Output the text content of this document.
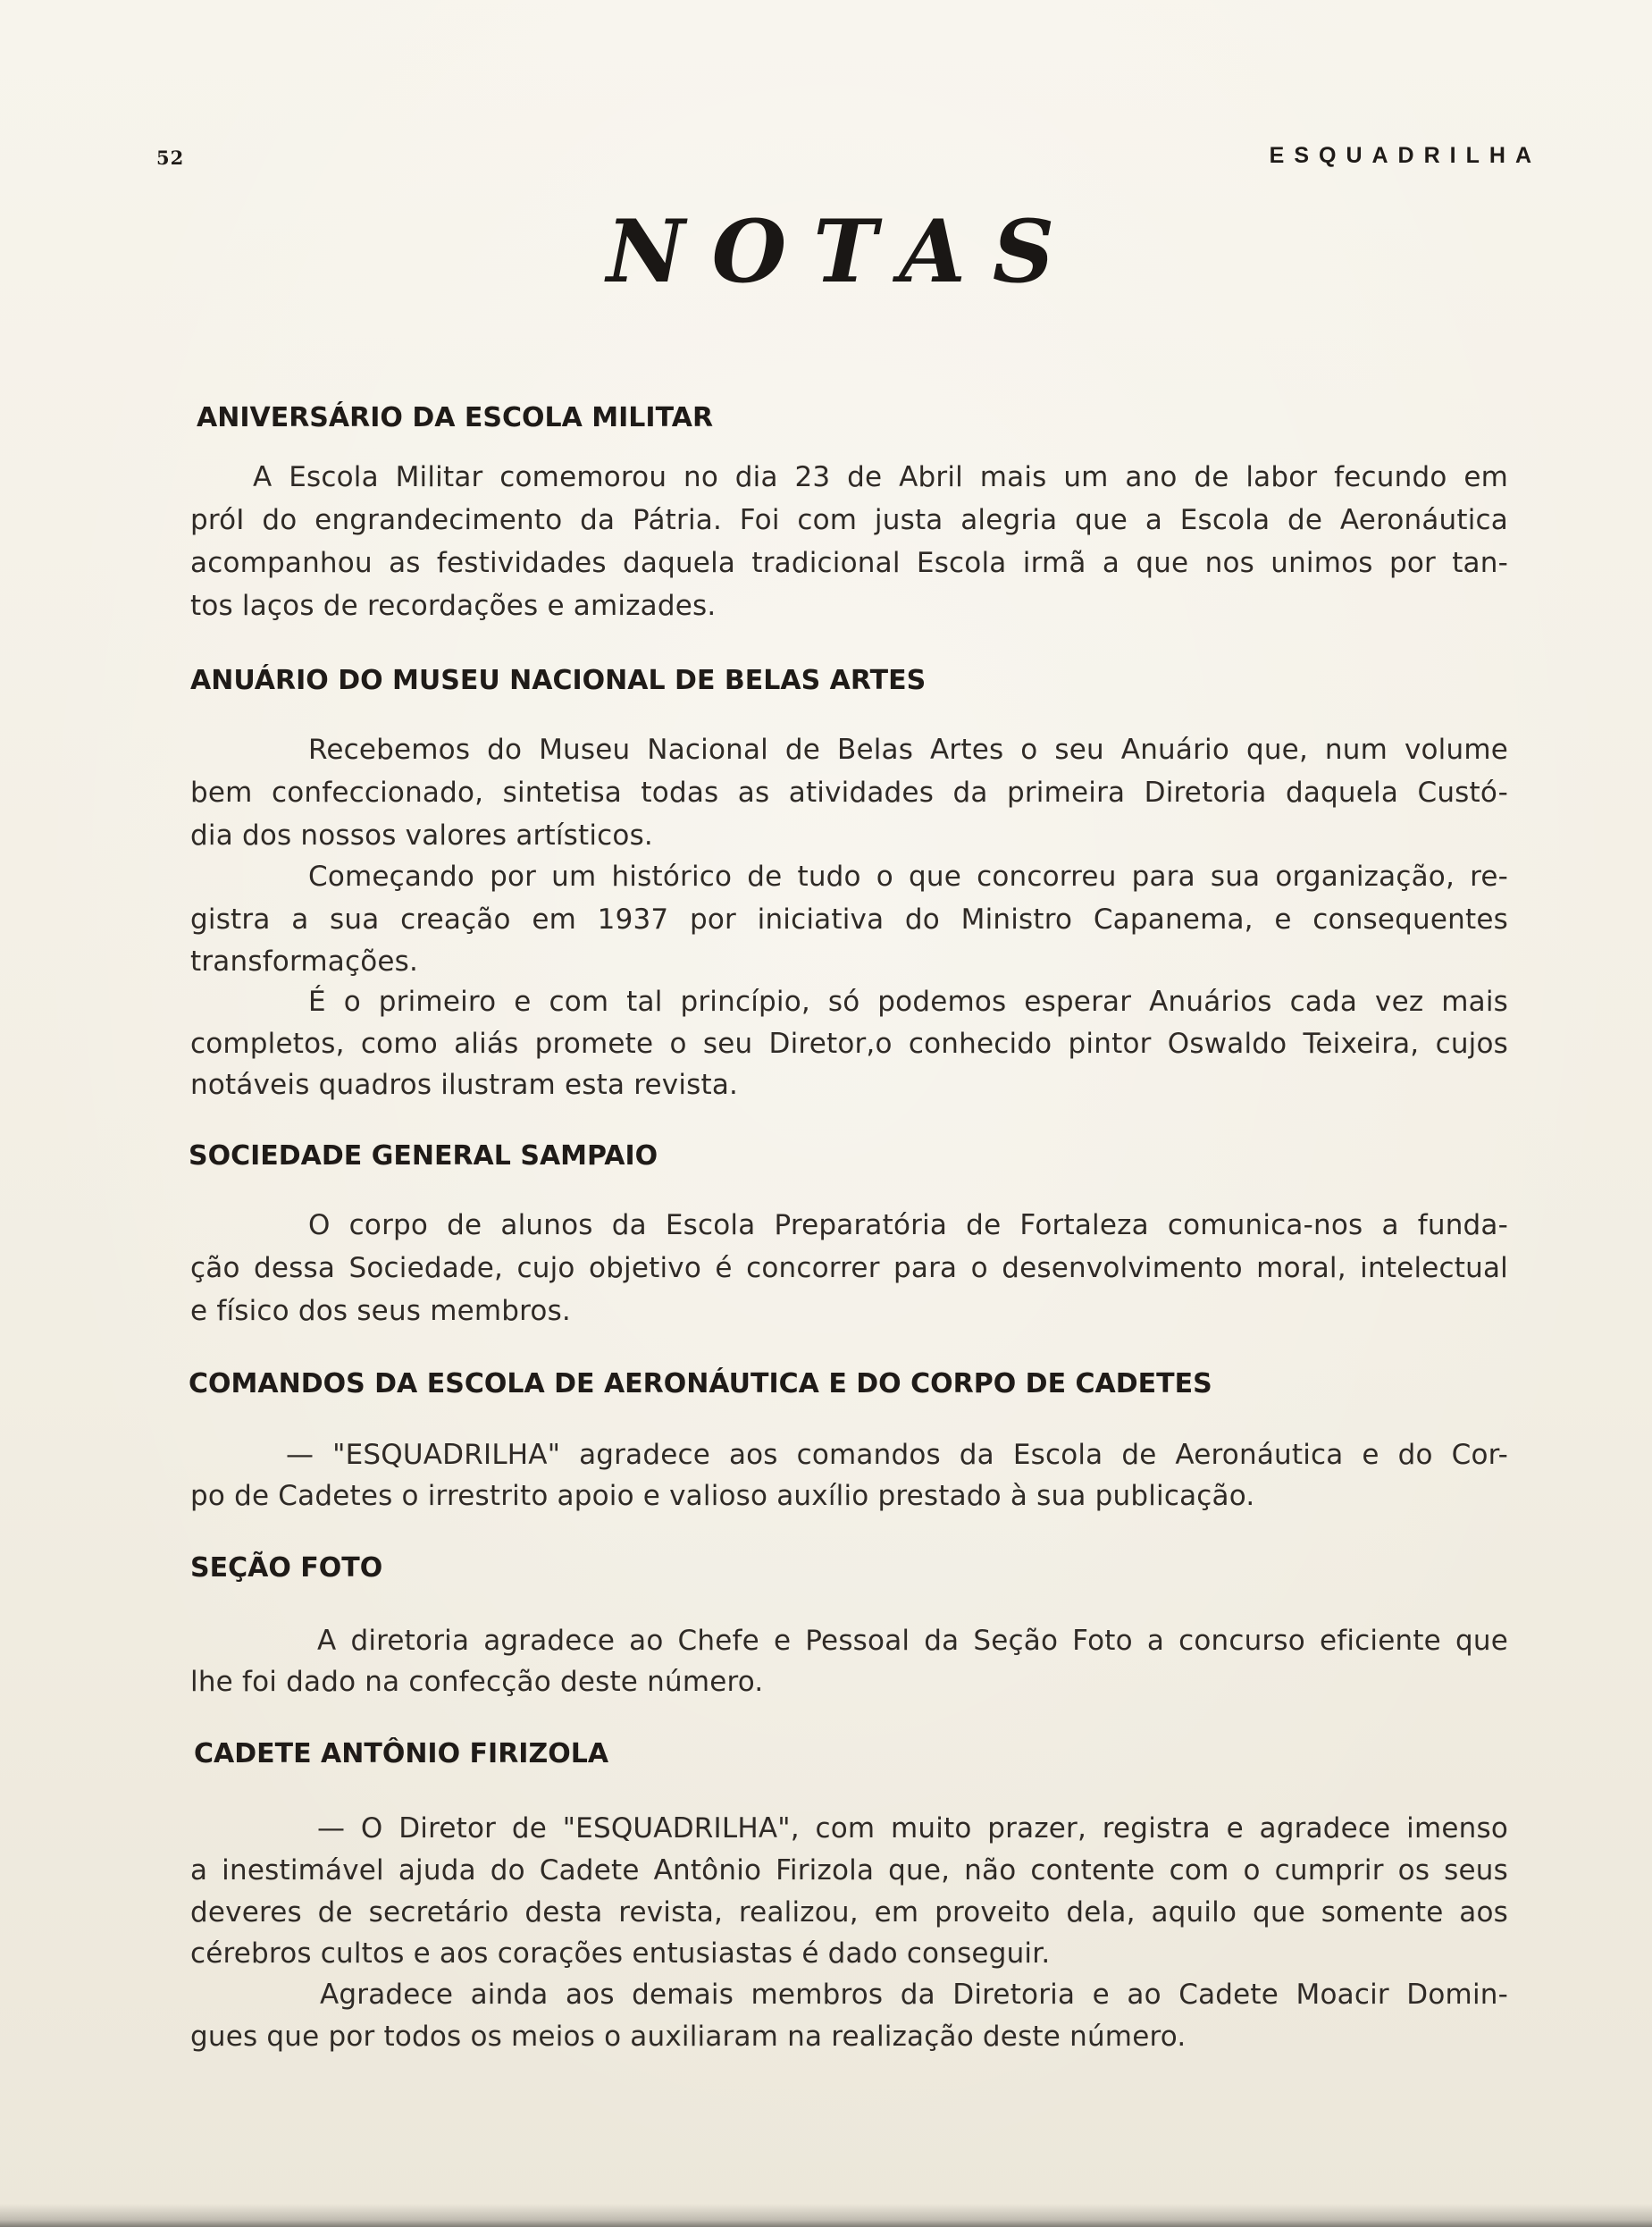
52	ESQUADRILHA
NOTAS
ANIVERSÁRIO DA ESCOLA MILITAR
A Escola Militar comemorou no dia 23 de Abril mais um ano de labor fecundo em
próI do engrandecimento da Pátria. Foi com justa alegria que a Escola de Aeronáutica
acompanhou as festividades daquela tradicional Escola irmã a que nos unimos por tan-
tos laços de recordações e amizades.
ANUÁRIO DO MUSEU NACIONAL DE BELAS ARTES
Recebemos do Museu Nacional de Belas Artes o seu Anuário que, num volume
bem confeccionado, sintetisa todas as atividades da primeira Diretoria daquela Custó-
dia dos nossos valores artísticos.
Começando por um histórico de tudo o que concorreu para sua organização, re-
gistra a sua creação em 1937 por iniciativa do Ministro Capanema, e consequentes
transformações.
É o primeiro e com tal princípio, só podemos esperar Anuários cada vez mais
completos, como aliás promete o seu Diretor,o conhecido pintor Oswaldo Teixeira, cujos
notáveis quadros ilustram esta revista.
SOCIEDADE GENERAL SAMPAIO
O corpo de alunos da Escola Preparatória de Fortaleza comunica-nos a funda-
ção dessa Sociedade, cujo objetivo é concorrer para o desenvolvimento moral, intelectual
e físico dos seus membros.
COMANDOS DA ESCOLA DE AERONÁUTICA E DO CORPO DE CADETES
— "ESQUADRILHA" agradece aos comandos da Escola de Aeronáutica e do Cor-
po de Cadetes o irrestrito apoio e valioso auxílio prestado à sua publicação.
SEÇÃO FOTO
A diretoria agradece ao Chefe e Pessoal da Seção Foto a concurso eficiente que
lhe foi dado na confecção deste número.
CADETE ANTÔNIO FIRIZOLA
— O Diretor de "ESQUADRILHA", com muito prazer, registra e agradece imenso
a inestimável ajuda do Cadete Antônio Firizola que, não contente com o cumprir os seus
deveres de secretário desta revista, realizou, em proveito dela, aquilo que somente aos
cérebros cultos e aos corações entusiastas é dado conseguir.
Agradece ainda aos demais membros da Diretoria e ao Cadete Moacir Domin-
gues que por todos os meios o auxiliaram na realização deste número.
